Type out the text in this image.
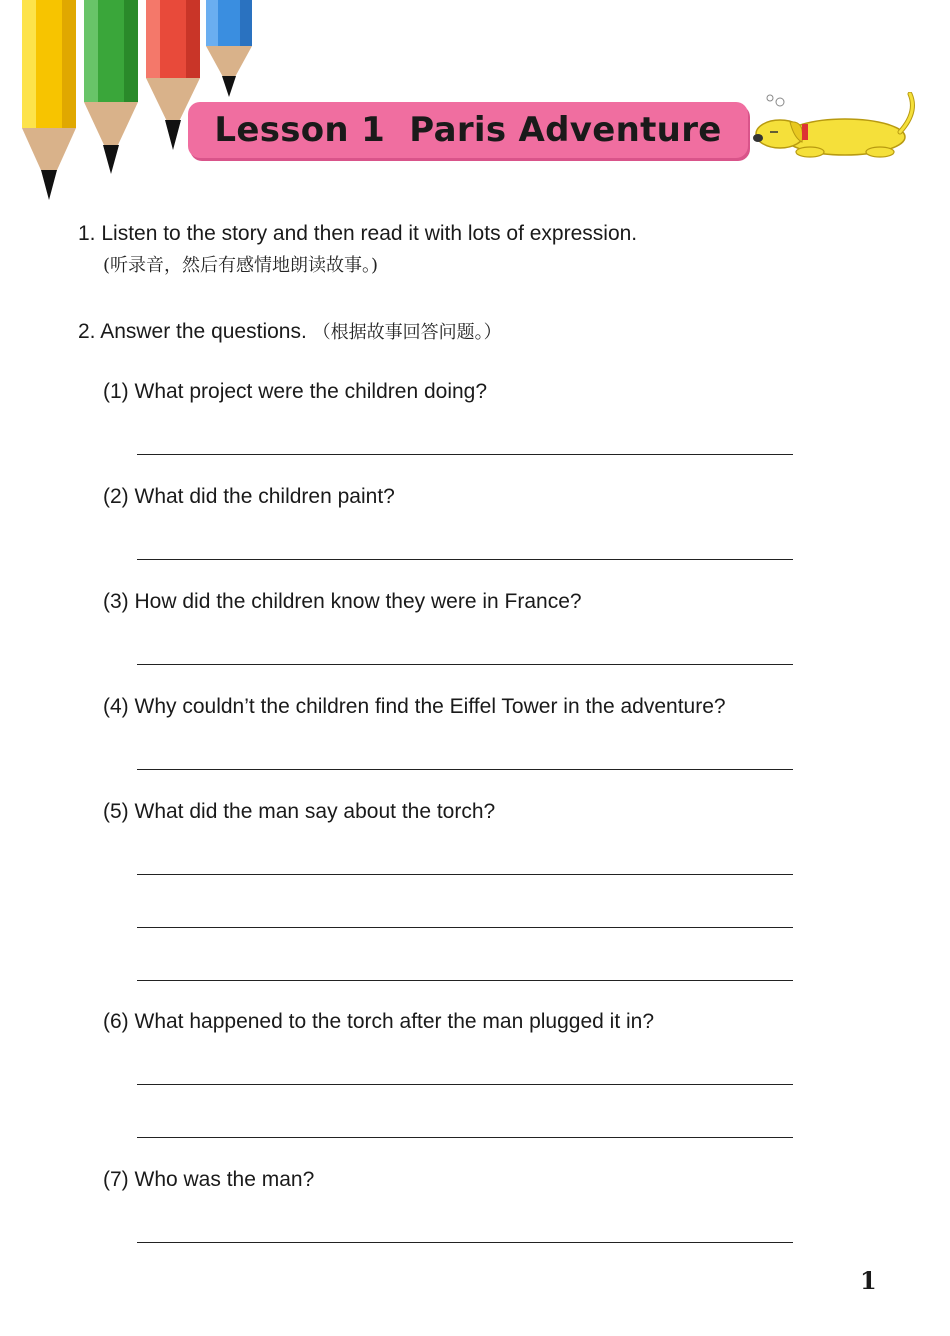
Lesson 1  Paris Adventure
1. Listen to the story and then read it with lots of expression.
(听录音，然后有感情地朗读故事。)
2. Answer the questions. （根据故事回答问题。）
(1) What project were the children doing?
(2) What did the children paint?
(3) How did the children know they were in France?
(4) Why couldn’t the children find the Eiffel Tower in the adventure?
(5) What did the man say about the torch?
(6) What happened to the torch after the man plugged it in?
(7) Who was the man?
1
